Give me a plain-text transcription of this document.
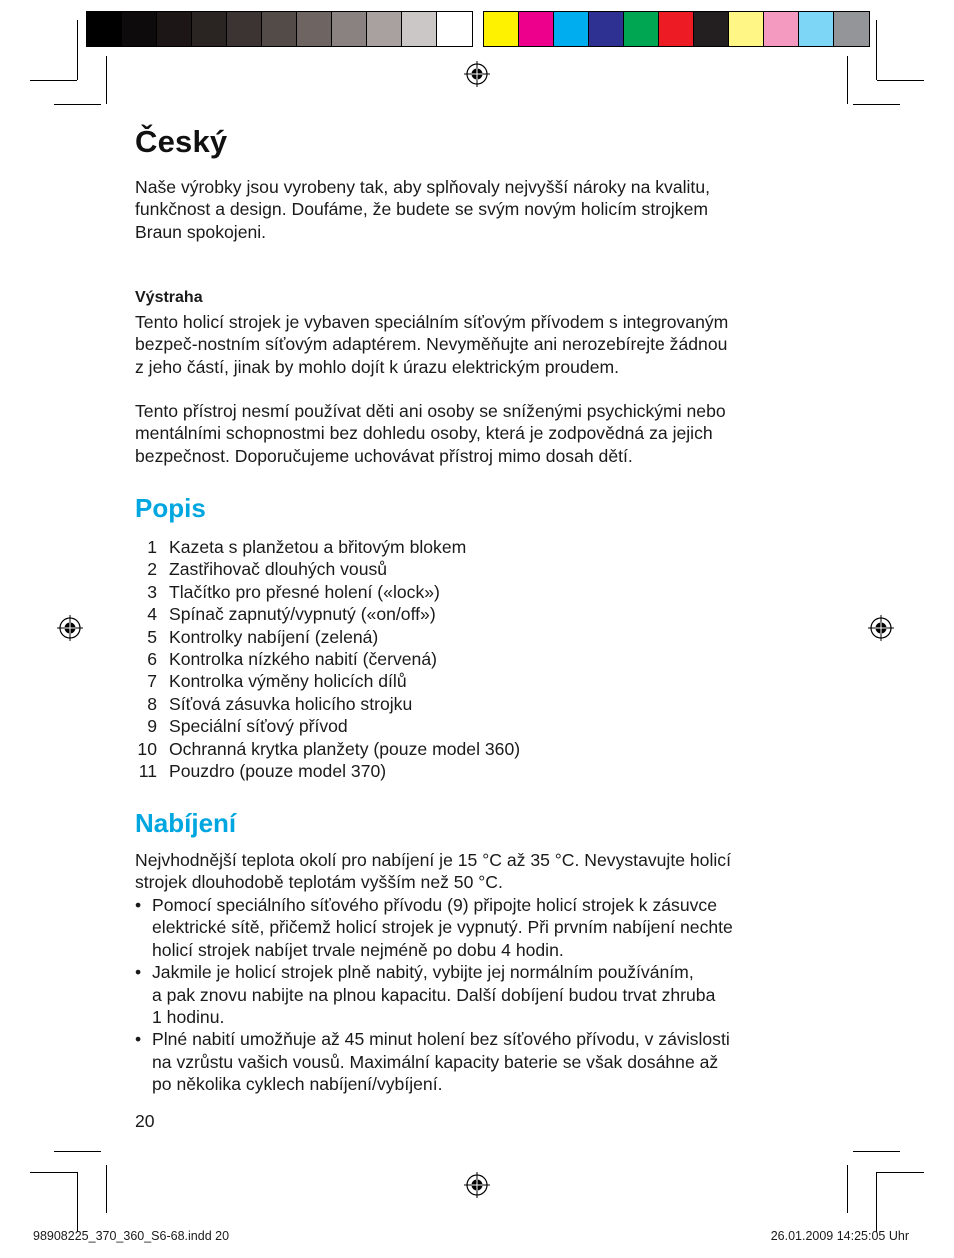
Český

Naše výrobky jsou vyrobeny tak, aby splňovaly nejvyšší nároky na kvalitu,
funkčnost a design. Doufáme, že budete se svým novým holicím strojkem
Braun spokojeni.

Výstraha

Tento holicí strojek je vybaven speciálním síťovým přívodem s integrovaným
bezpeč-nostním síťovým adaptérem. Nevyměňujte ani nerozebírejte žádnou
z jeho částí, jinak by mohlo dojít k úrazu elektrickým proudem.

Tento přístroj nesmí používat děti ani osoby se sníženými psychickými nebo
mentálními schopnostmi bez dohledu osoby, která je zodpovědná za jejich
bezpečnost. Doporučujeme uchovávat přístroj mimo dosah dětí.

Popis
1 Kazeta s planžetou a břitovým blokem
2 Zastřihovač dlouhých vousů
3 Tlačítko pro přesné holení («lock»)
4 Spínač zapnutý/vypnutý («on/off»)
5 Kontrolky nabíjení (zelená)
6 Kontrolka nízkého nabití (červená)
7 Kontrolka výměny holicích dílů
8 Síťová zásuvka holicího strojku
9 Speciální síťový přívod
10 Ochranná krytka planžety (pouze model 360)
11 Pouzdro (pouze model 370)
Nabíjení

Nejvhodnější teplota okolí pro nabíjení je 15 °C až 35 °C. Nevystavujte holicí
strojek dlouhodobě teplotám vyšším než 50 °C.

• Pomocí speciálního síťového přívodu (9) připojte holicí strojek k zásuvce
elektrické sítě, přičemž holicí strojek je vypnutý. Při prvním nabíjení nechte
holicí strojek nabíjet trvale nejméně po dobu 4 hodin.
• Jakmile je holicí strojek plně nabitý, vybijte jej normálním používáním,
a pak znovu nabijte na plnou kapacitu. Další dobíjení budou trvat zhruba
1 hodinu.
• Plné nabití umožňuje až 45 minut holení bez síťového přívodu, v závislosti
na vzrůstu vašich vousů. Maximální kapacity baterie se však dosáhne až
po několika cyklech nabíjení/vybíjení.
20
98908225_370_360_S6-68.indd 20	26.01.2009 14:25:05 Uhr
